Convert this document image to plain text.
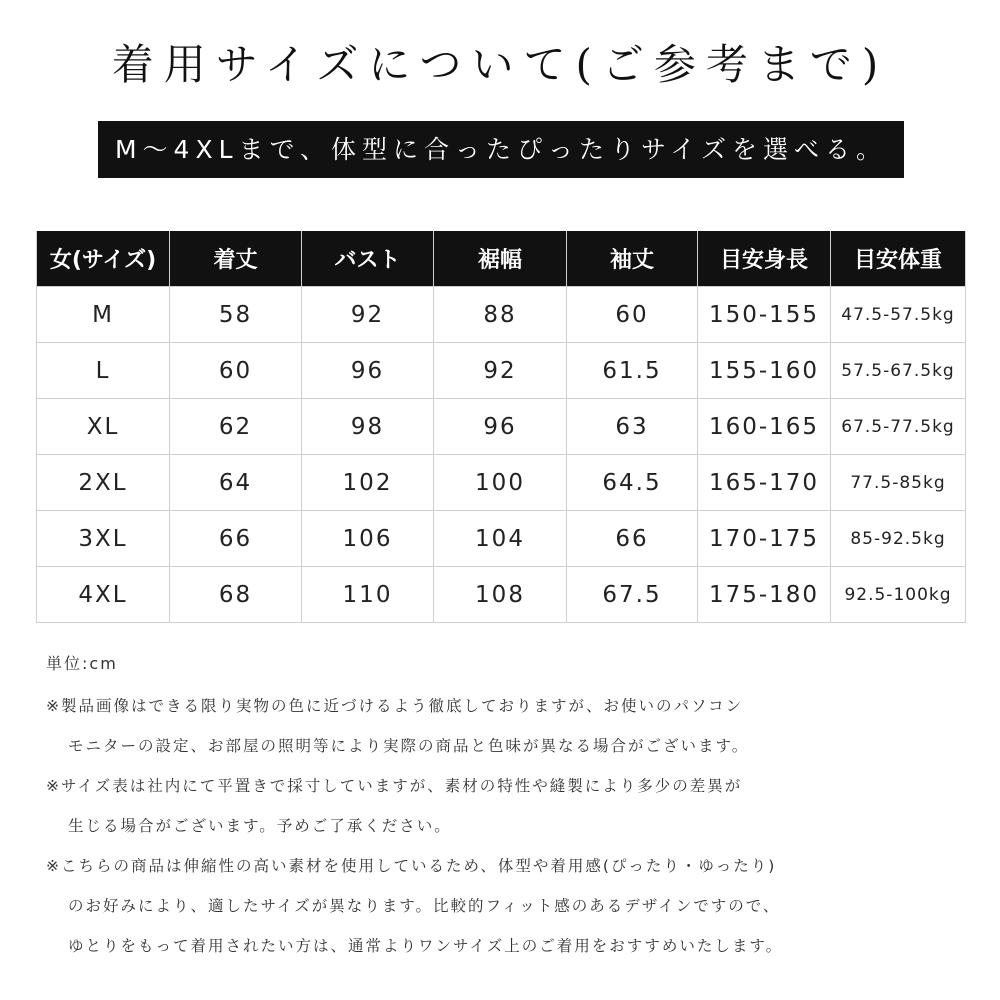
着用サイズについて(ご参考まで)
M～4XLまで、体型に合ったぴったりサイズを選べる。
女(サイズ)	着丈	バスト	裾幅	袖丈	目安身長	目安体重
M	58	92	88	60	150-155	47.5-57.5kg
L	60	96	92	61.5	155-160	57.5-67.5kg
XL	62	98	96	63	160-165	67.5-77.5kg
2XL	64	102	100	64.5	165-170	77.5-85kg
3XL	66	106	104	66	170-175	85-92.5kg
4XL	68	110	108	67.5	175-180	92.5-100kg
単位:cm
※製品画像はできる限り実物の色に近づけるよう徹底しておりますが、お使いのパソコン
モニターの設定、お部屋の照明等により実際の商品と色味が異なる場合がございます。
※サイズ表は社内にて平置きで採寸していますが、素材の特性や縫製により多少の差異が
生じる場合がございます。予めご了承ください。
※こちらの商品は伸縮性の高い素材を使用しているため、体型や着用感(ぴったり・ゆったり)
のお好みにより、適したサイズが異なります。比較的フィット感のあるデザインですので、
ゆとりをもって着用されたい方は、通常よりワンサイズ上のご着用をおすすめいたします。
